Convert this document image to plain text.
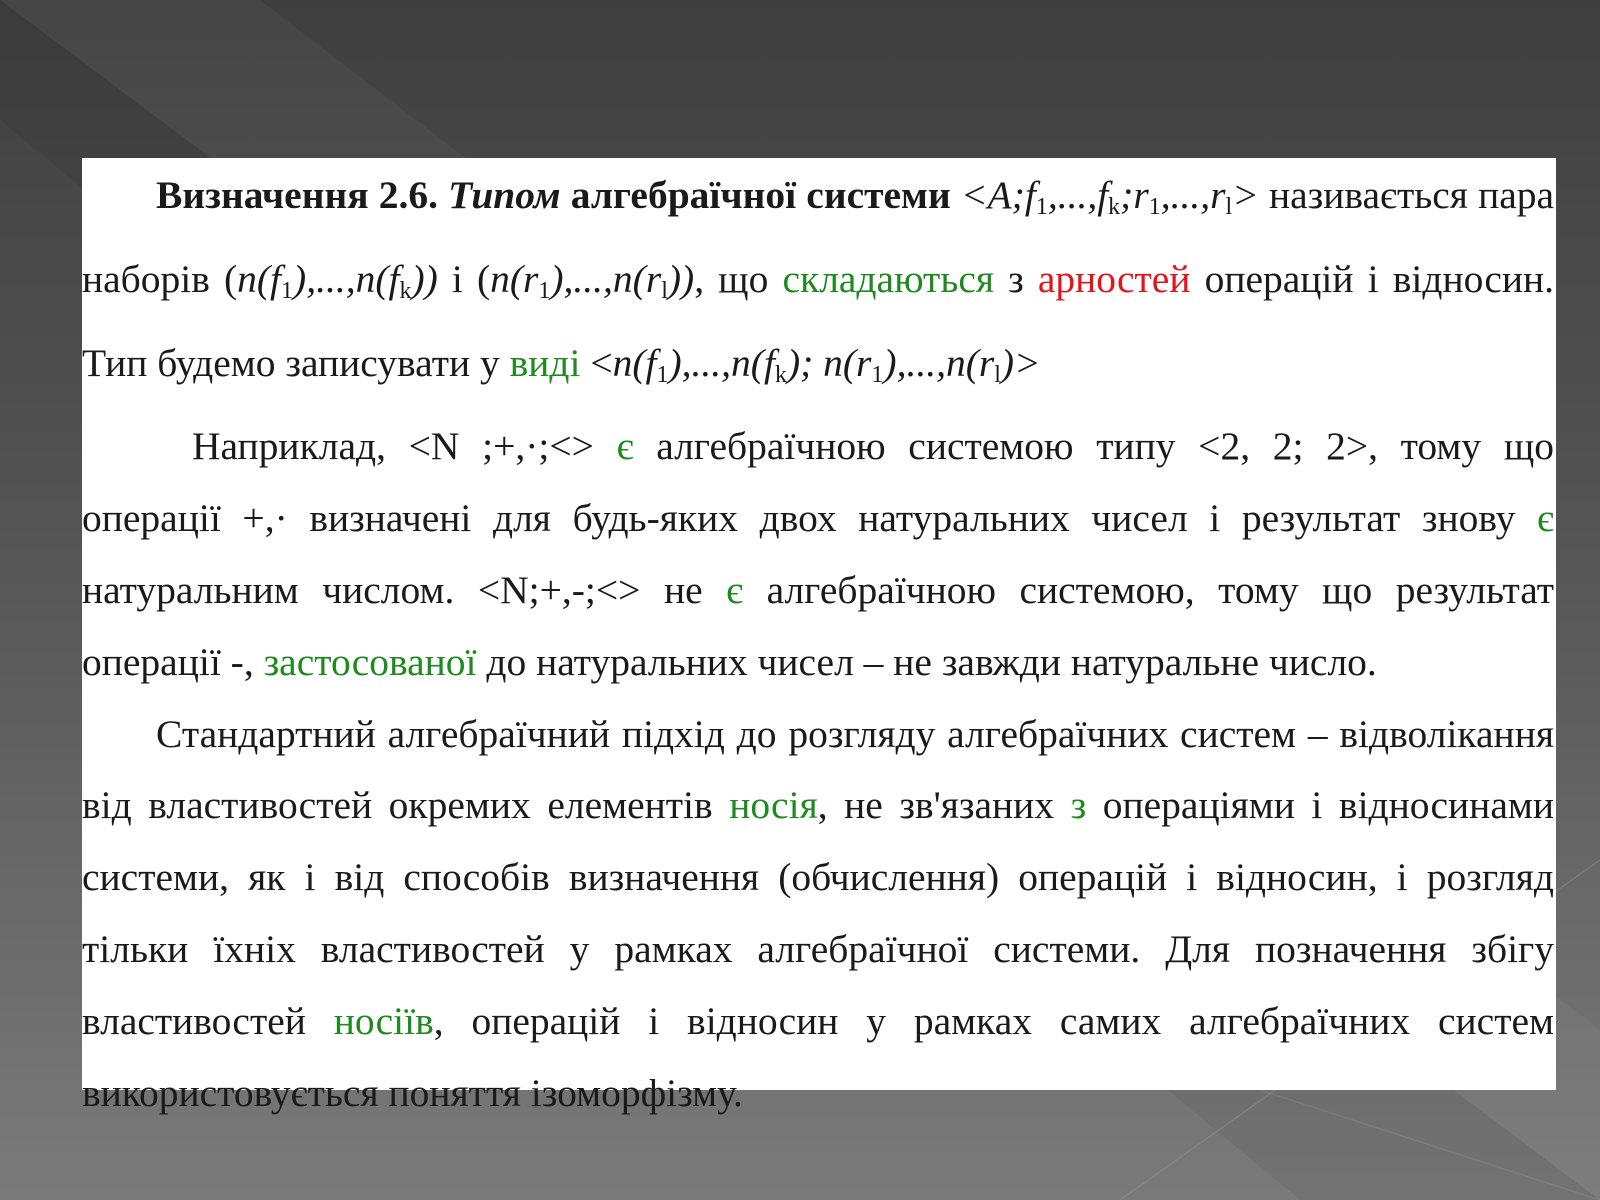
Визначення 2.6. Типом алгебраїчної системи $<A;f_1,...,f_k;r_1,...,r_l>$ називається пара наборів $(n(f_1),...,n(f_k))$ і $(n(r_1),...,n(r_l))$, що складаються з арностей операцій і відносин. Тип будемо записувати у виді $<n(f_1),...,n(f_k)$; $n(r_1),...,n(r_l)>$

Наприклад, <N ;+,·;<> є алгебраїчною системою типу <2, 2; 2>, тому що операції +,· визначені для будь-яких двох натуральних чисел і результат знову є натуральним числом. <N;+,-;<> не є алгебраїчною системою, тому що результат операції -, застосованої до натуральних чисел – не завжди натуральне число.

Стандартний алгебраїчний підхід до розгляду алгебраїчних систем – відволікання від властивостей окремих елементів носія, не зв'язаних з операціями і відносинами системи, як і від способів визначення (обчислення) операцій і відносин, і розгляд тільки їхніх властивостей у рамках алгебраїчної системи. Для позначення збігу властивостей носіїв, операцій і відносин у рамках самих алгебраїчних систем використовується поняття ізоморфізму.
